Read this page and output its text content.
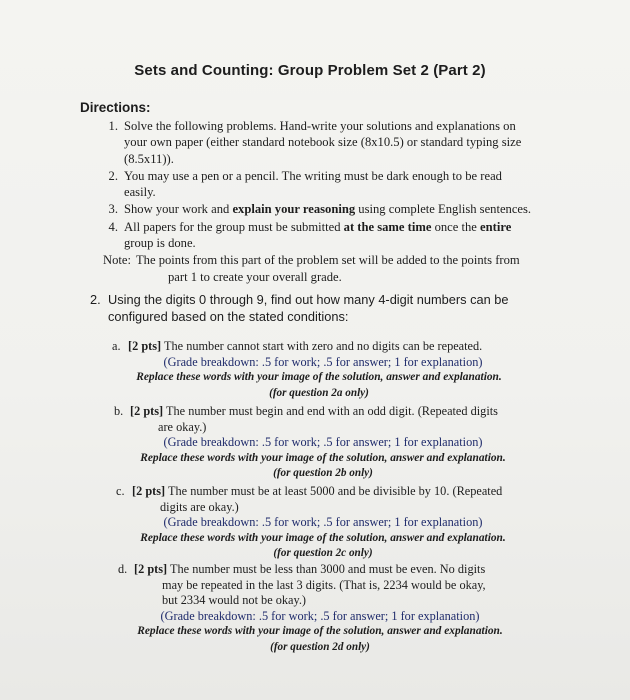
Sets and Counting: Group Problem Set 2 (Part 2)
Directions:
1. Solve the following problems. Hand-write your solutions and explanations on
your own paper (either standard notebook size (8x10.5) or standard typing size
(8.5x11)).
2. You may use a pen or a pencil. The writing must be dark enough to be read
easily.
3. Show your work and explain your reasoning using complete English sentences.
4. All papers for the group must be submitted at the same time once the entire
group is done.
Note: The points from this part of the problem set will be added to the points from
part 1 to create your overall grade.
2. Using the digits 0 through 9, find out how many 4-digit numbers can be
configured based on the stated conditions:
a. [2 pts] The number cannot start with zero and no digits can be repeated.
(Grade breakdown: .5 for work; .5 for answer; 1 for explanation)
Replace these words with your image of the solution, answer and explanation.
(for question 2a only)
b. [2 pts] The number must begin and end with an odd digit. (Repeated digits
are okay.)
(Grade breakdown: .5 for work; .5 for answer; 1 for explanation)
Replace these words with your image of the solution, answer and explanation.
(for question 2b only)
c. [2 pts] The number must be at least 5000 and be divisible by 10. (Repeated
digits are okay.)
(Grade breakdown: .5 for work; .5 for answer; 1 for explanation)
Replace these words with your image of the solution, answer and explanation.
(for question 2c only)
d. [2 pts] The number must be less than 3000 and must be even. No digits
may be repeated in the last 3 digits. (That is, 2234 would be okay,
but 2334 would not be okay.)
(Grade breakdown: .5 for work; .5 for answer; 1 for explanation)
Replace these words with your image of the solution, answer and explanation.
(for question 2d only)
